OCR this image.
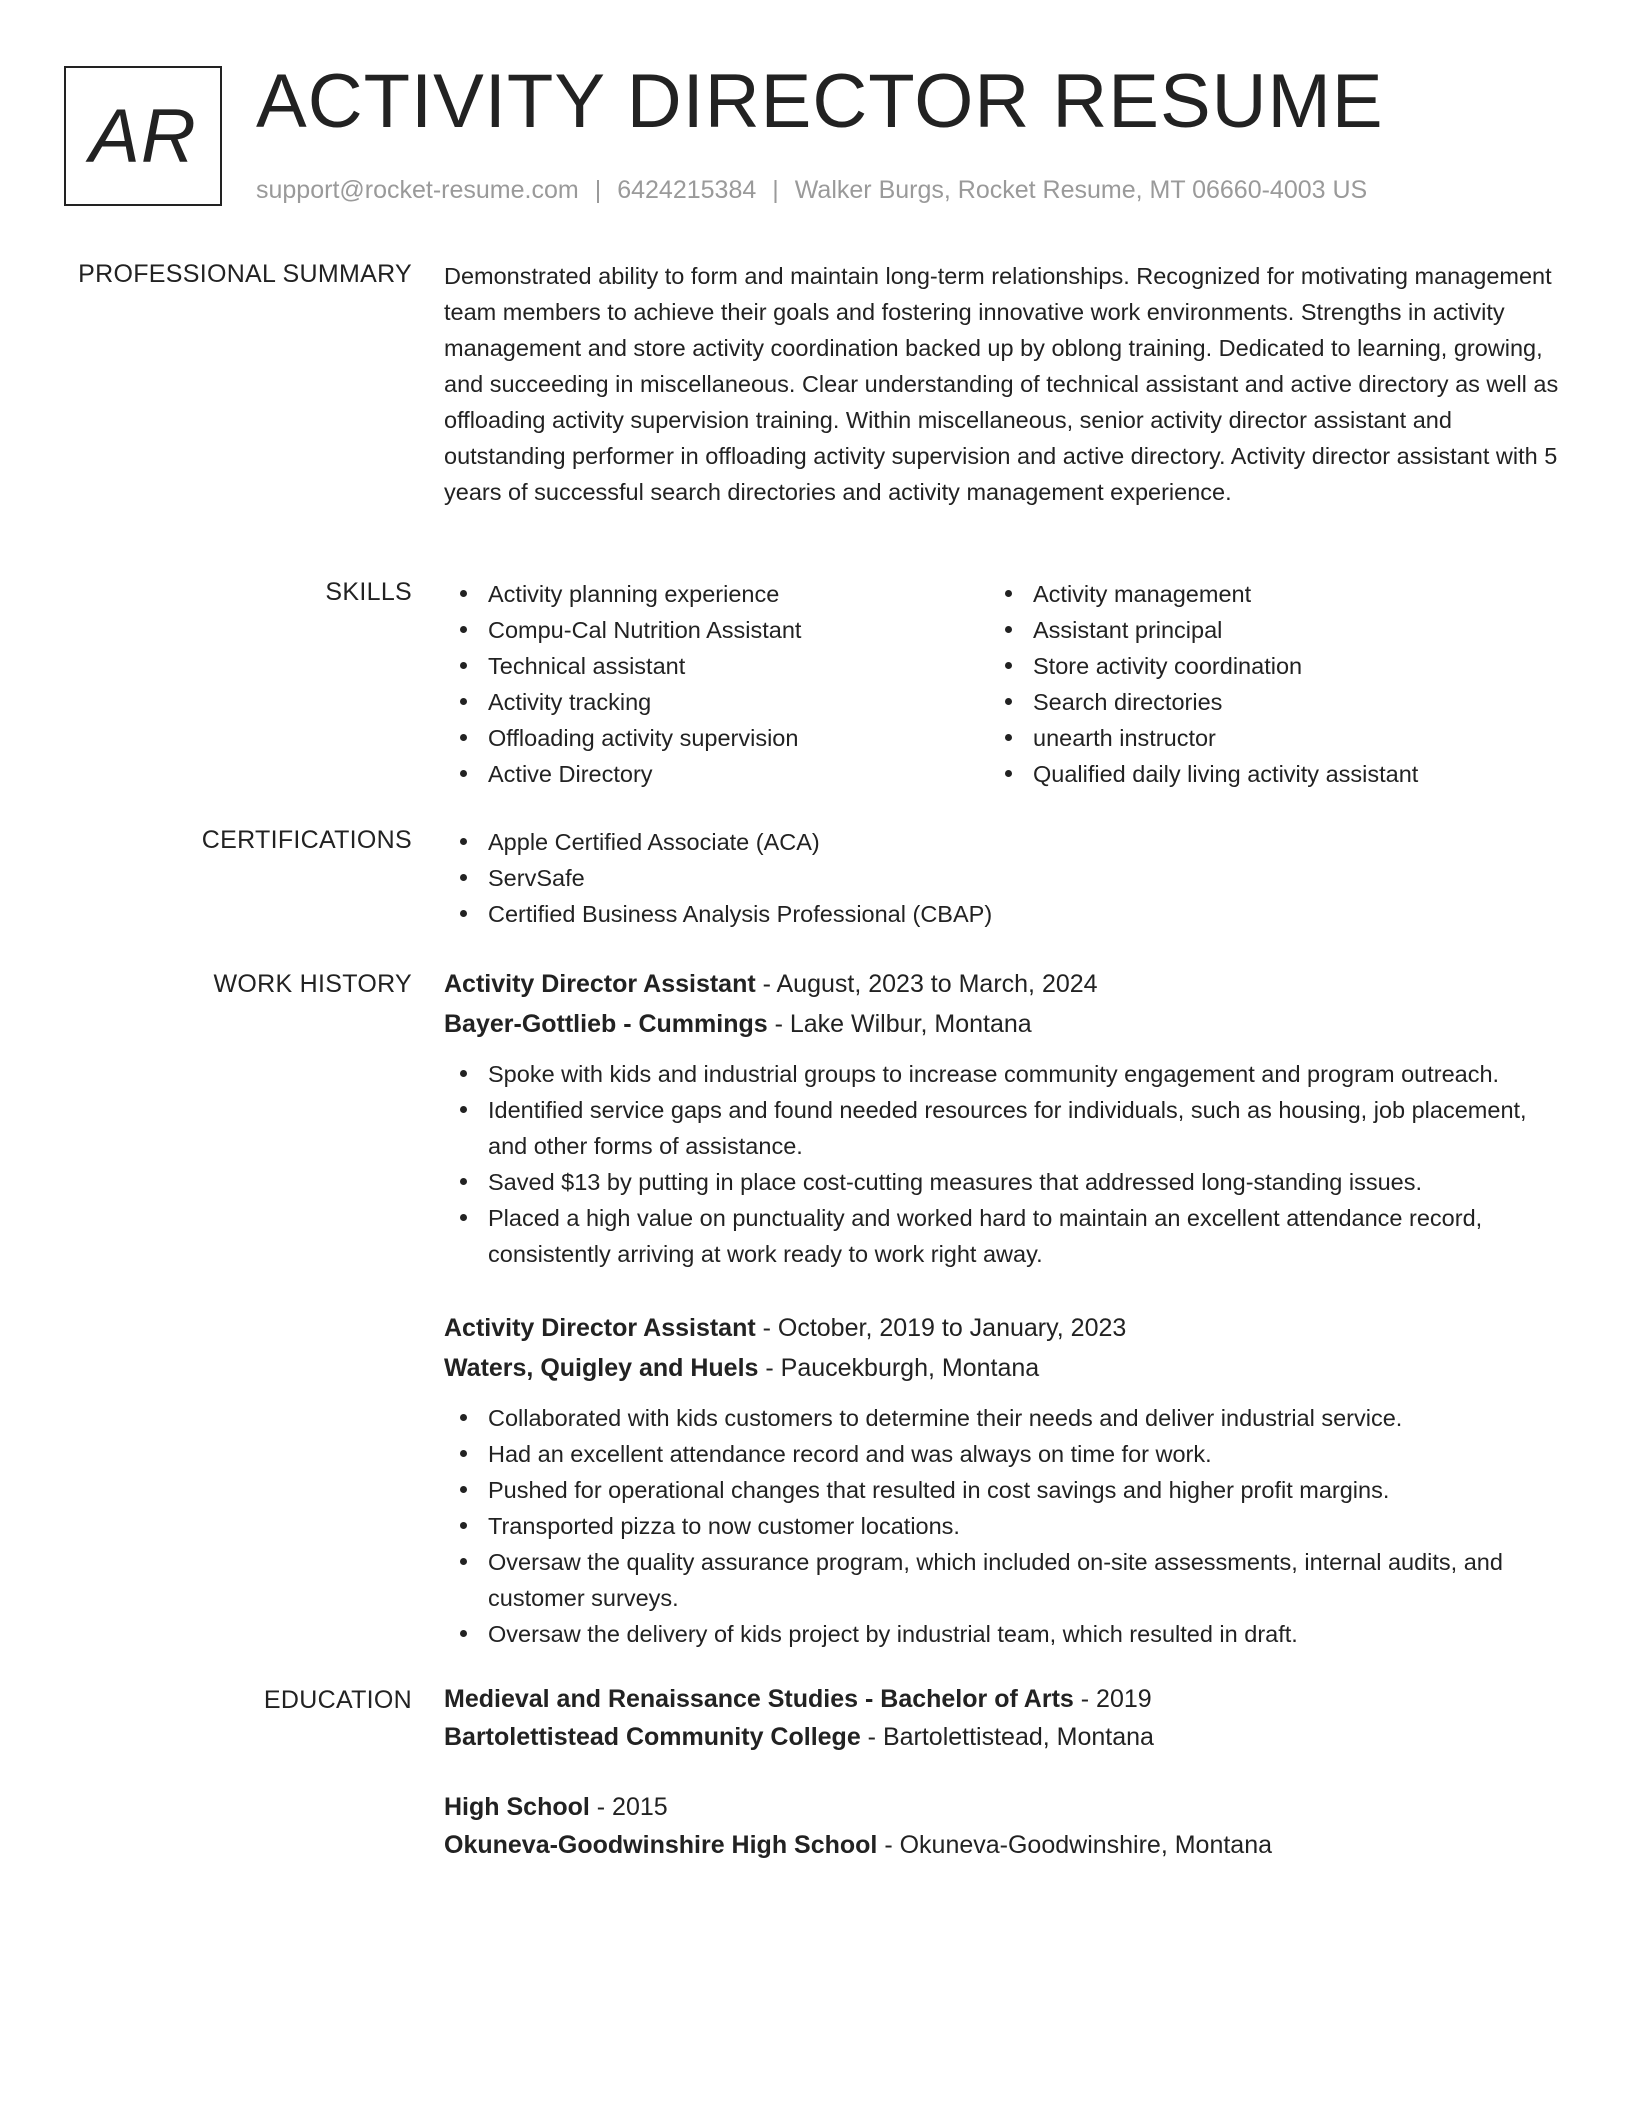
AR ACTIVITY DIRECTOR RESUME
support@rocket-resume.com | 6424215384 | Walker Burgs, Rocket Resume, MT 06660-4003 US
PROFESSIONAL SUMMARY Demonstrated ability to form and maintain long-term relationships. Recognized for motivating management team members to achieve their goals and fostering innovative work environments. Strengths in activity management and store activity coordination backed up by oblong training. Dedicated to learning, growing, and succeeding in miscellaneous. Clear understanding of technical assistant and active directory as well as offloading activity supervision training. Within miscellaneous, senior activity director assistant and outstanding performer in offloading activity supervision and active directory. Activity director assistant with 5 years of successful search directories and activity management experience.

SKILLS	Activity planning experience
Compu-Cal Nutrition Assistant
Technical assistant
Activity tracking
Offloading activity supervision
Active Directory
Activity management
Assistant principal
Store activity coordination
Search directories
unearth instructor
Qualified daily living activity assistant
CERTIFICATIONS	Apple Certified Associate (ACA)
ServSafe
Certified Business Analysis Professional (CBAP)
WORK HISTORY Activity Director Assistant - August, 2023 to March, 2024
Bayer-Gottlieb - Cummings - Lake Wilbur, Montana
Spoke with kids and industrial groups to increase community engagement and program outreach.
Identified service gaps and found needed resources for individuals, such as housing, job placement, and other forms of assistance.
Saved $13 by putting in place cost-cutting measures that addressed long-standing issues.
Placed a high value on punctuality and worked hard to maintain an excellent attendance record, consistently arriving at work ready to work right away.
Activity Director Assistant - October, 2019 to January, 2023
Waters, Quigley and Huels - Paucekburgh, Montana
Collaborated with kids customers to determine their needs and deliver industrial service.
Had an excellent attendance record and was always on time for work.
Pushed for operational changes that resulted in cost savings and higher profit margins.
Transported pizza to now customer locations.
Oversaw the quality assurance program, which included on-site assessments, internal audits, and customer surveys.
Oversaw the delivery of kids project by industrial team, which resulted in draft.
EDUCATION Medieval and Renaissance Studies - Bachelor of Arts - 2019
Bartolettistead Community College - Bartolettistead, Montana
High School - 2015
Okuneva-Goodwinshire High School - Okuneva-Goodwinshire, Montana
